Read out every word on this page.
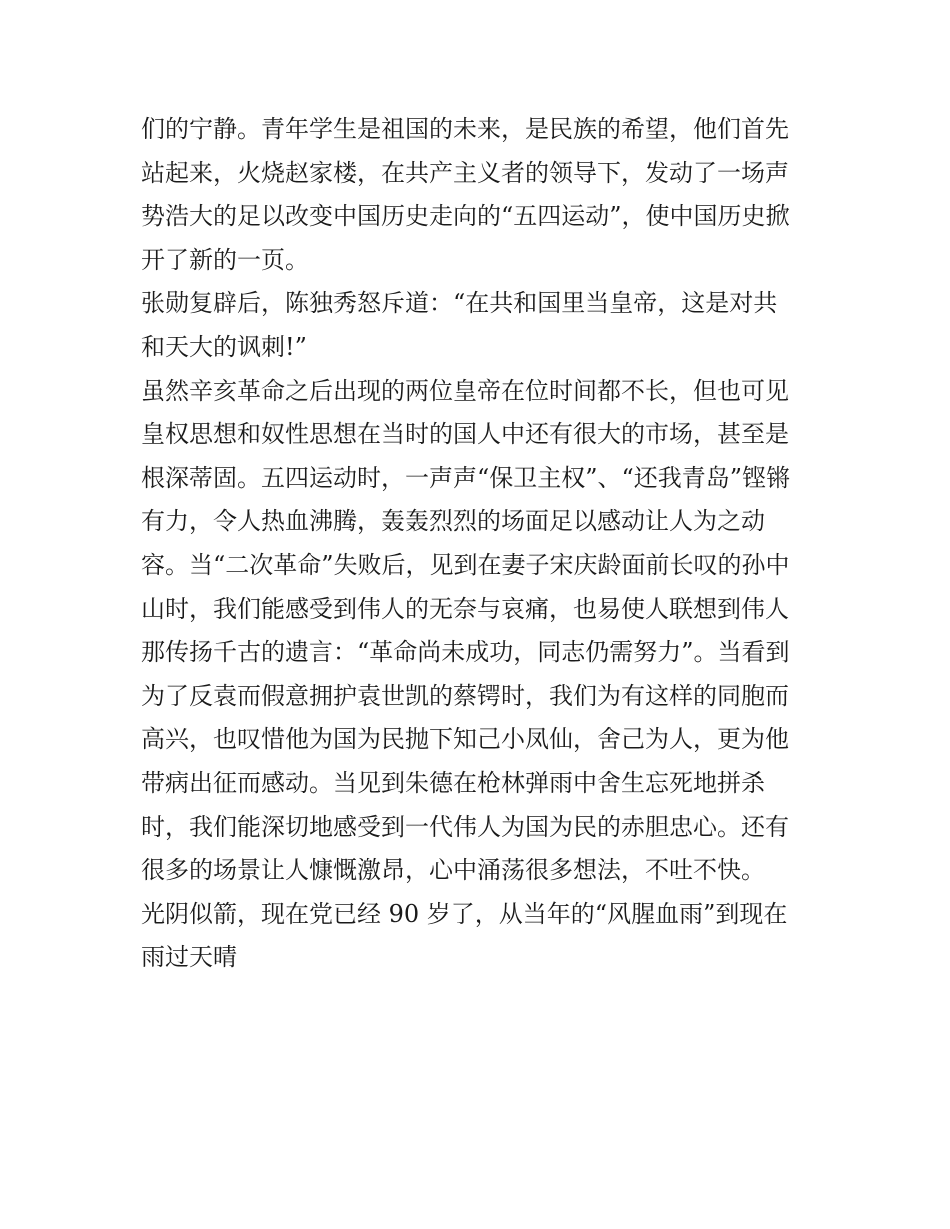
们的宁静。青年学生是祖国的未来，是民族的希望，他们首先
站起来，火烧赵家楼，在共产主义者的领导下，发动了一场声
势浩大的足以改变中国历史走向的“五四运动”，使中国历史掀
开了新的一页。
张勋复辟后，陈独秀怒斥道：“在共和国里当皇帝，这是对共
和天大的讽刺!”
虽然辛亥革命之后出现的两位皇帝在位时间都不长，但也可见
皇权思想和奴性思想在当时的国人中还有很大的市场，甚至是
根深蒂固。五四运动时，一声声“保卫主权”、“还我青岛”铿锵
有力，令人热血沸腾，轰轰烈烈的场面足以感动让人为之动
容。当“二次革命”失败后，见到在妻子宋庆龄面前长叹的孙中
山时，我们能感受到伟人的无奈与哀痛，也易使人联想到伟人
那传扬千古的遗言：“革命尚未成功，同志仍需努力”。当看到
为了反袁而假意拥护袁世凯的蔡锷时，我们为有这样的同胞而
高兴，也叹惜他为国为民抛下知己小凤仙，舍己为人，更为他
带病出征而感动。当见到朱德在枪林弹雨中舍生忘死地拼杀
时，我们能深切地感受到一代伟人为国为民的赤胆忠心。还有
很多的场景让人慷慨激昂，心中涌荡很多想法，不吐不快。
光阴似箭，现在党已经 90 岁了，从当年的“风腥血雨”到现在
雨过天晴
